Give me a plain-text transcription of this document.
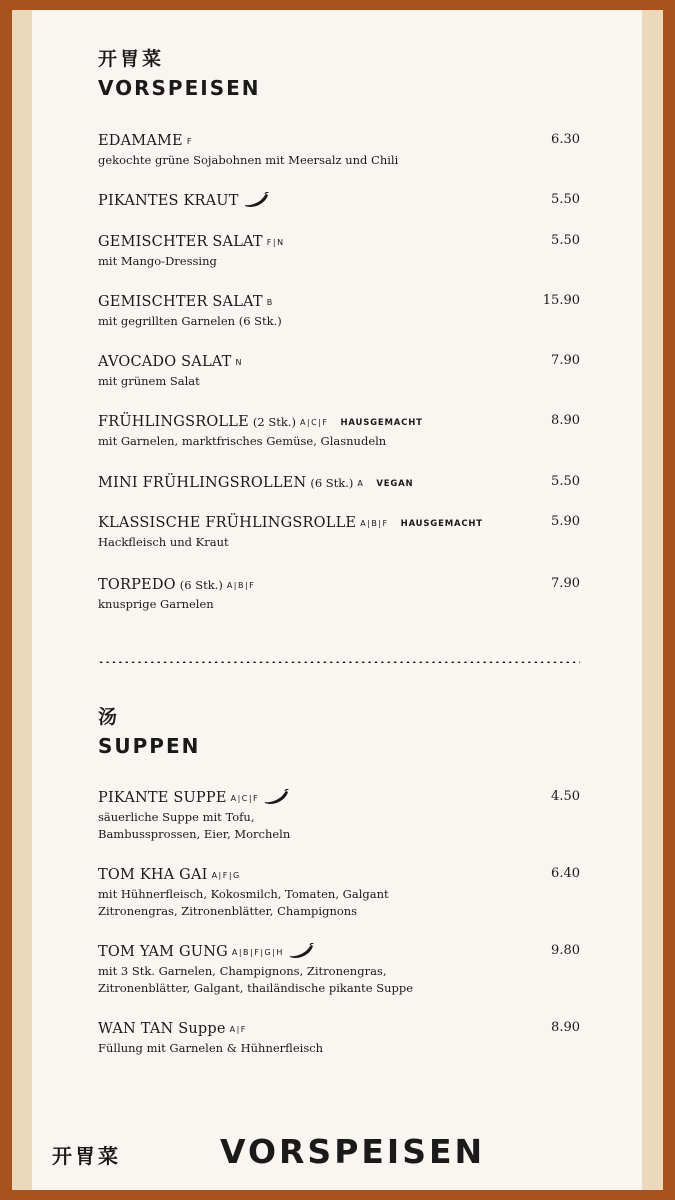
开胃菜
VORSPEISEN
汤
SUPPEN
开胃菜	VORSPEISEN
EDAMAME F	6.30
gekochte grüne Sojabohnen mit Meersalz und Chili
PIKANTES KRAUT	5.50
GEMISCHTER SALAT F|N	5.50
mit Mango-Dressing
GEMISCHTER SALAT B	15.90
mit gegrillten Garnelen (6 Stk.)
AVOCADO SALAT N	7.90
mit grünem Salat
FRÜHLINGSROLLE (2 Stk.) A|C|F HAUSGEMACHT	8.90
mit Garnelen, marktfrisches Gemüse, Glasnudeln
MINI FRÜHLINGSROLLEN (6 Stk.) A VEGAN	5.50
KLASSISCHE FRÜHLINGSROLLE A|B|F HAUSGEMACHT	5.90
Hackfleisch und Kraut
TORPEDO (6 Stk.) A|B|F	7.90
knusprige Garnelen
PIKANTE SUPPE A|C|F	4.50
säuerliche Suppe mit Tofu,
Bambussprossen, Eier, Morcheln
TOM KHA GAI A|F|G	6.40
mit Hühnerfleisch, Kokosmilch, Tomaten, Galgant
Zitronengras, Zitronenblätter, Champignons
TOM YAM GUNG A|B|F|G|H	9.80
mit 3 Stk. Garnelen, Champignons, Zitronengras,
Zitronenblätter, Galgant, thailändische pikante Suppe
WAN TAN Suppe A|F	8.90
Füllung mit Garnelen & Hühnerfleisch
